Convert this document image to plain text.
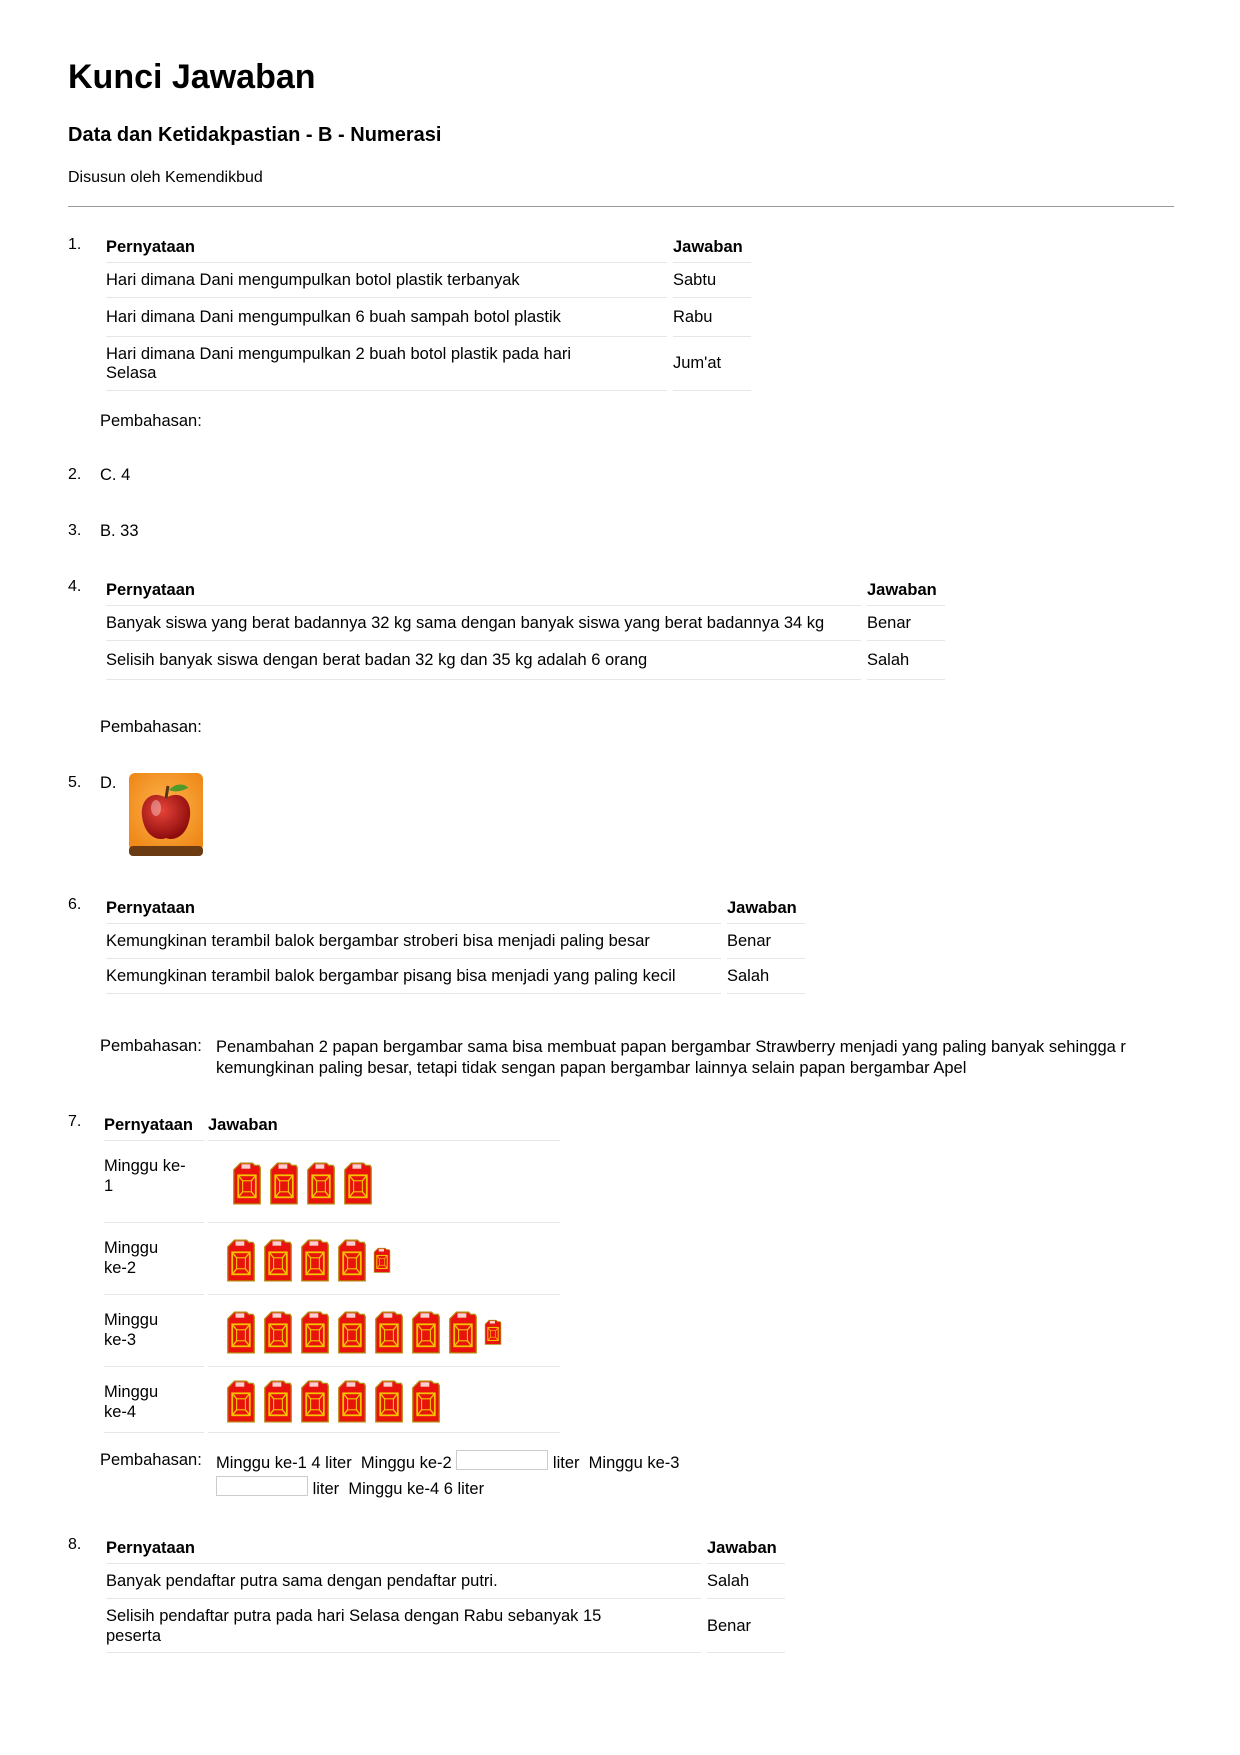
Kunci Jawaban
Data dan Ketidakpastian - B - Numerasi
Disusun oleh Kemendikbud
1. Pernyataan	Jawaban
Hari dimana Dani mengumpulkan botol plastik terbanyak	Sabtu
Hari dimana Dani mengumpulkan 6 buah sampah botol plastik	Rabu
Hari dimana Dani mengumpulkan 2 buah botol plastik pada hari Selasa	Jum'at
Pembahasan:
2. C. 4
3. B. 33
4. Pernyataan	Jawaban
Banyak siswa yang berat badannya 32 kg sama dengan banyak siswa yang berat badannya 34 kg	Benar
Selisih banyak siswa dengan berat badan 32 kg dan 35 kg adalah 6 orang	Salah
Pembahasan:
5. D.
6. Pernyataan	Jawaban
Kemungkinan terambil balok bergambar stroberi bisa menjadi paling besar	Benar
Kemungkinan terambil balok bergambar pisang bisa menjadi yang paling kecil	Salah
Pembahasan: Penambahan 2 papan bergambar sama bisa membuat papan bergambar Strawberry menjadi yang paling banyak sehingga r
kemungkinan paling besar, tetapi tidak sengan papan bergambar lainnya selain papan bergambar Apel
7. Pernyataan	Jawaban
Minggu ke-1	
Minggu ke-2	
Minggu ke-3	
Minggu ke-4	
Pembahasan: Minggu ke-1 4 liter Minggu ke-2	liter Minggu ke-3
liter Minggu ke-4 6 liter
8. Pernyataan	Jawaban
Banyak pendaftar putra sama dengan pendaftar putri.	Salah
Selisih pendaftar putra pada hari Selasa dengan Rabu sebanyak 15 peserta	Benar
